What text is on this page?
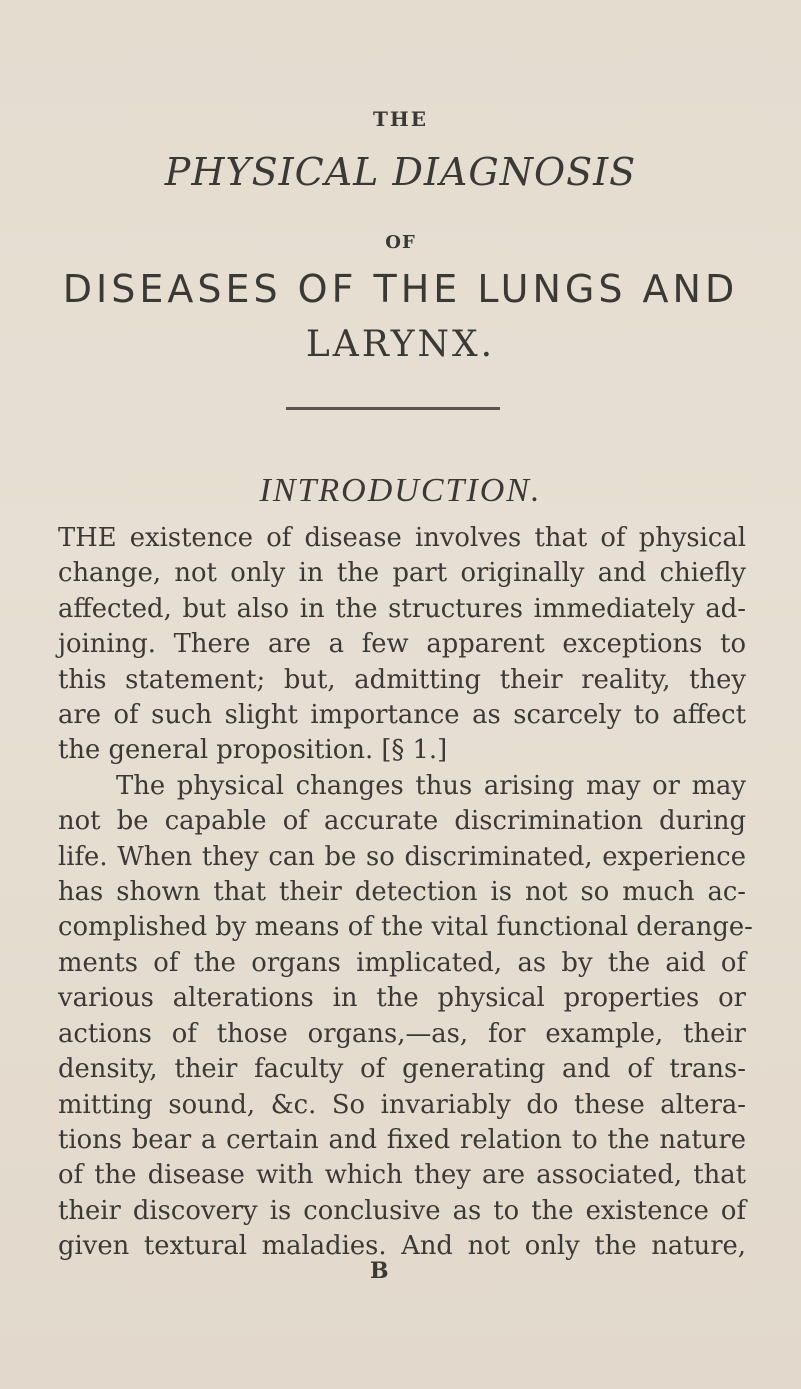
THE
PHYSICAL DIAGNOSIS
OF
DISEASES OF THE LUNGS AND
LARYNX.
INTRODUCTION.
THE existence of disease involves that of physical
change, not only in the part originally and chiefly
affected, but also in the structures immediately ad-
joining. There are a few apparent exceptions to
this statement; but, admitting their reality, they
are of such slight importance as scarcely to affect
the general proposition. [§ 1.]
The physical changes thus arising may or may
not be capable of accurate discrimination during
life. When they can be so discriminated, experience
has shown that their detection is not so much ac-
complished by means of the vital functional derange-
ments of the organs implicated, as by the aid of
various alterations in the physical properties or
actions of those organs,—as, for example, their
density, their faculty of generating and of trans-
mitting sound, &c. So invariably do these altera-
tions bear a certain and fixed relation to the nature
of the disease with which they are associated, that
their discovery is conclusive as to the existence of
given textural maladies. And not only the nature,
B
